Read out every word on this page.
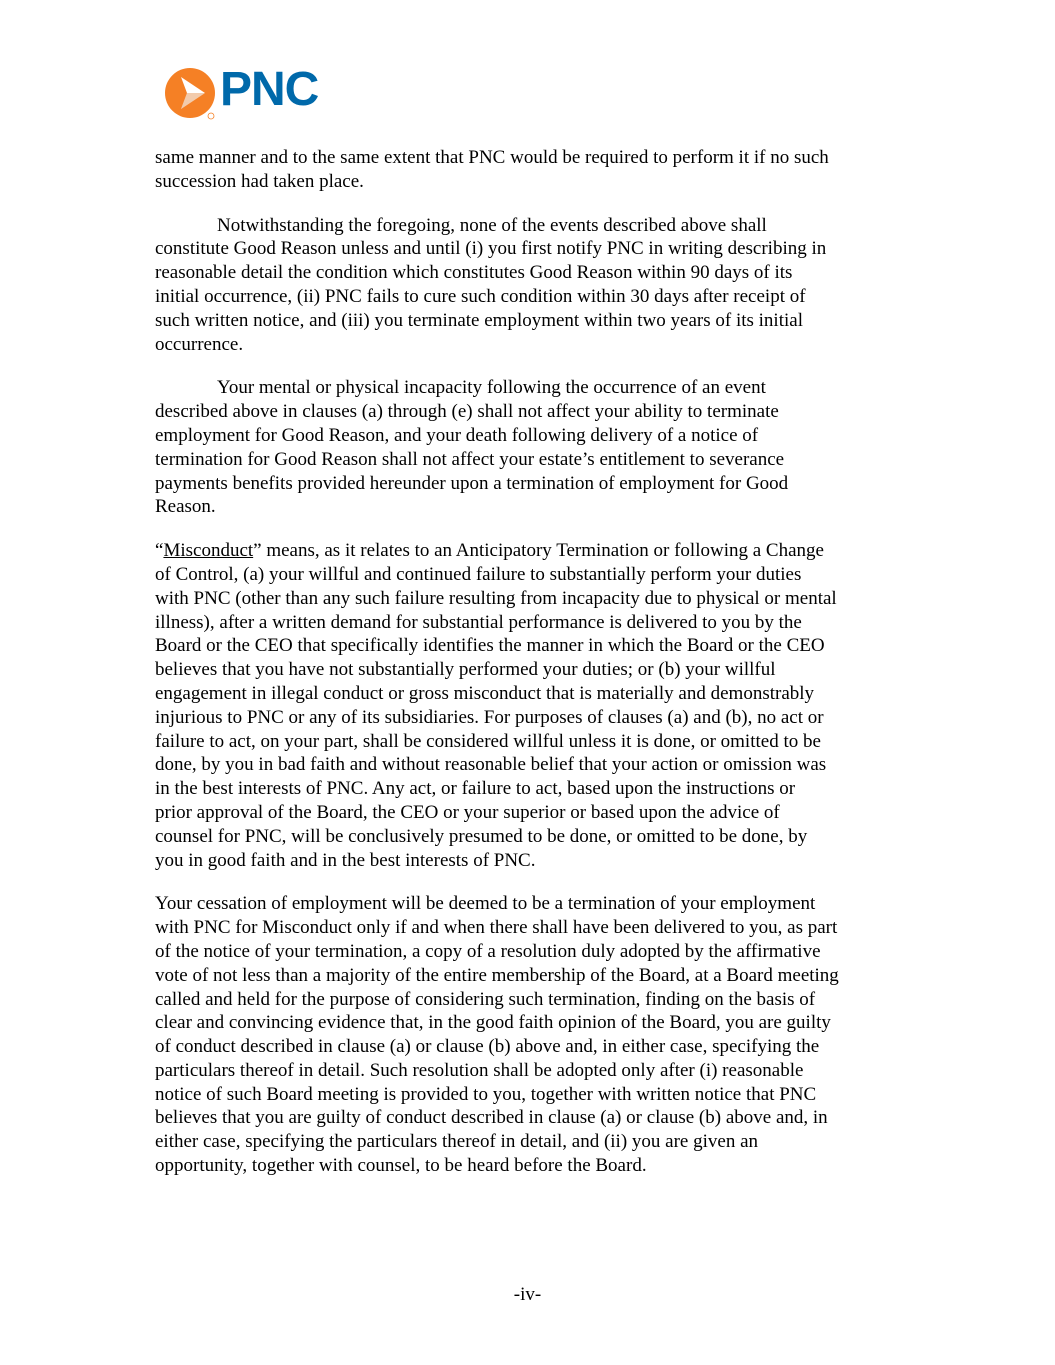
PNC

same manner and to the same extent that PNC would be required to perform it if no such
succession had taken place.

Notwithstanding the foregoing, none of the events described above shall
constitute Good Reason unless and until (i) you first notify PNC in writing describing in
reasonable detail the condition which constitutes Good Reason within 90 days of its
initial occurrence, (ii) PNC fails to cure such condition within 30 days after receipt of
such written notice, and (iii) you terminate employment within two years of its initial
occurrence.

Your mental or physical incapacity following the occurrence of an event
described above in clauses (a) through (e) shall not affect your ability to terminate
employment for Good Reason, and your death following delivery of a notice of
termination for Good Reason shall not affect your estate’s entitlement to severance
payments benefits provided hereunder upon a termination of employment for Good
Reason.

“Misconduct” means, as it relates to an Anticipatory Termination or following a Change
of Control, (a) your willful and continued failure to substantially perform your duties
with PNC (other than any such failure resulting from incapacity due to physical or mental
illness), after a written demand for substantial performance is delivered to you by the
Board or the CEO that specifically identifies the manner in which the Board or the CEO
believes that you have not substantially performed your duties; or (b) your willful
engagement in illegal conduct or gross misconduct that is materially and demonstrably
injurious to PNC or any of its subsidiaries. For purposes of clauses (a) and (b), no act or
failure to act, on your part, shall be considered willful unless it is done, or omitted to be
done, by you in bad faith and without reasonable belief that your action or omission was
in the best interests of PNC. Any act, or failure to act, based upon the instructions or
prior approval of the Board, the CEO or your superior or based upon the advice of
counsel for PNC, will be conclusively presumed to be done, or omitted to be done, by
you in good faith and in the best interests of PNC.

Your cessation of employment will be deemed to be a termination of your employment
with PNC for Misconduct only if and when there shall have been delivered to you, as part
of the notice of your termination, a copy of a resolution duly adopted by the affirmative
vote of not less than a majority of the entire membership of the Board, at a Board meeting
called and held for the purpose of considering such termination, finding on the basis of
clear and convincing evidence that, in the good faith opinion of the Board, you are guilty
of conduct described in clause (a) or clause (b) above and, in either case, specifying the
particulars thereof in detail. Such resolution shall be adopted only after (i) reasonable
notice of such Board meeting is provided to you, together with written notice that PNC
believes that you are guilty of conduct described in clause (a) or clause (b) above and, in
either case, specifying the particulars thereof in detail, and (ii) you are given an
opportunity, together with counsel, to be heard before the Board.

-iv-
